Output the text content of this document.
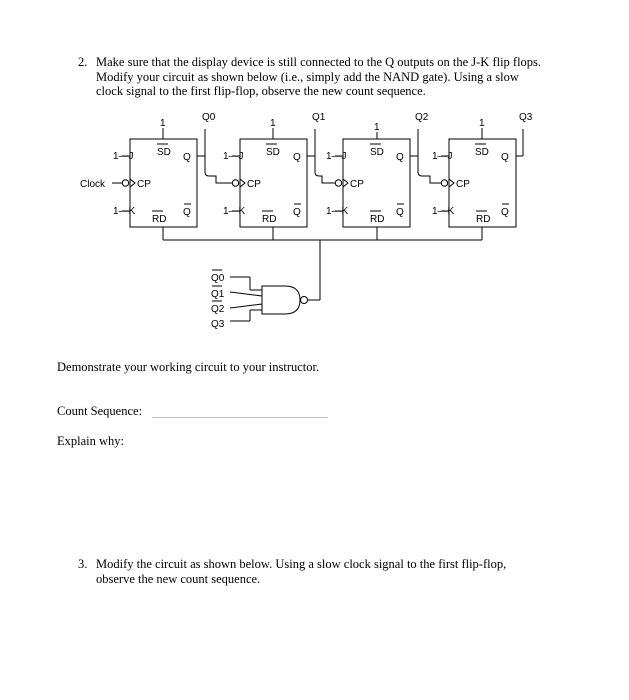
2. Make sure that the display device is still connected to the Q outputs on the J-K flip flops.
Modify your circuit as shown below (i.e., simply add the NAND gate). Using a slow
clock signal to the first flip-flop, observe the new count sequence.
Q0	Q1	Q2	Q3
1	1	1	1
1—J
1—K
1—J
1—K
1—J
1—K
1—J
1—K
SD	SD	SD	SD
Q	Q	Q	Q
CP	CP	CP	CP
Q	Q	Q	Q
RD	RD	RD	RD
Clock
Q0
Q1
Q2
Q3
Demonstrate your working circuit to your instructor.
Count Sequence:
Explain why:
3. Modify the circuit as shown below. Using a slow clock signal to the first flip-flop,
observe the new count sequence.
